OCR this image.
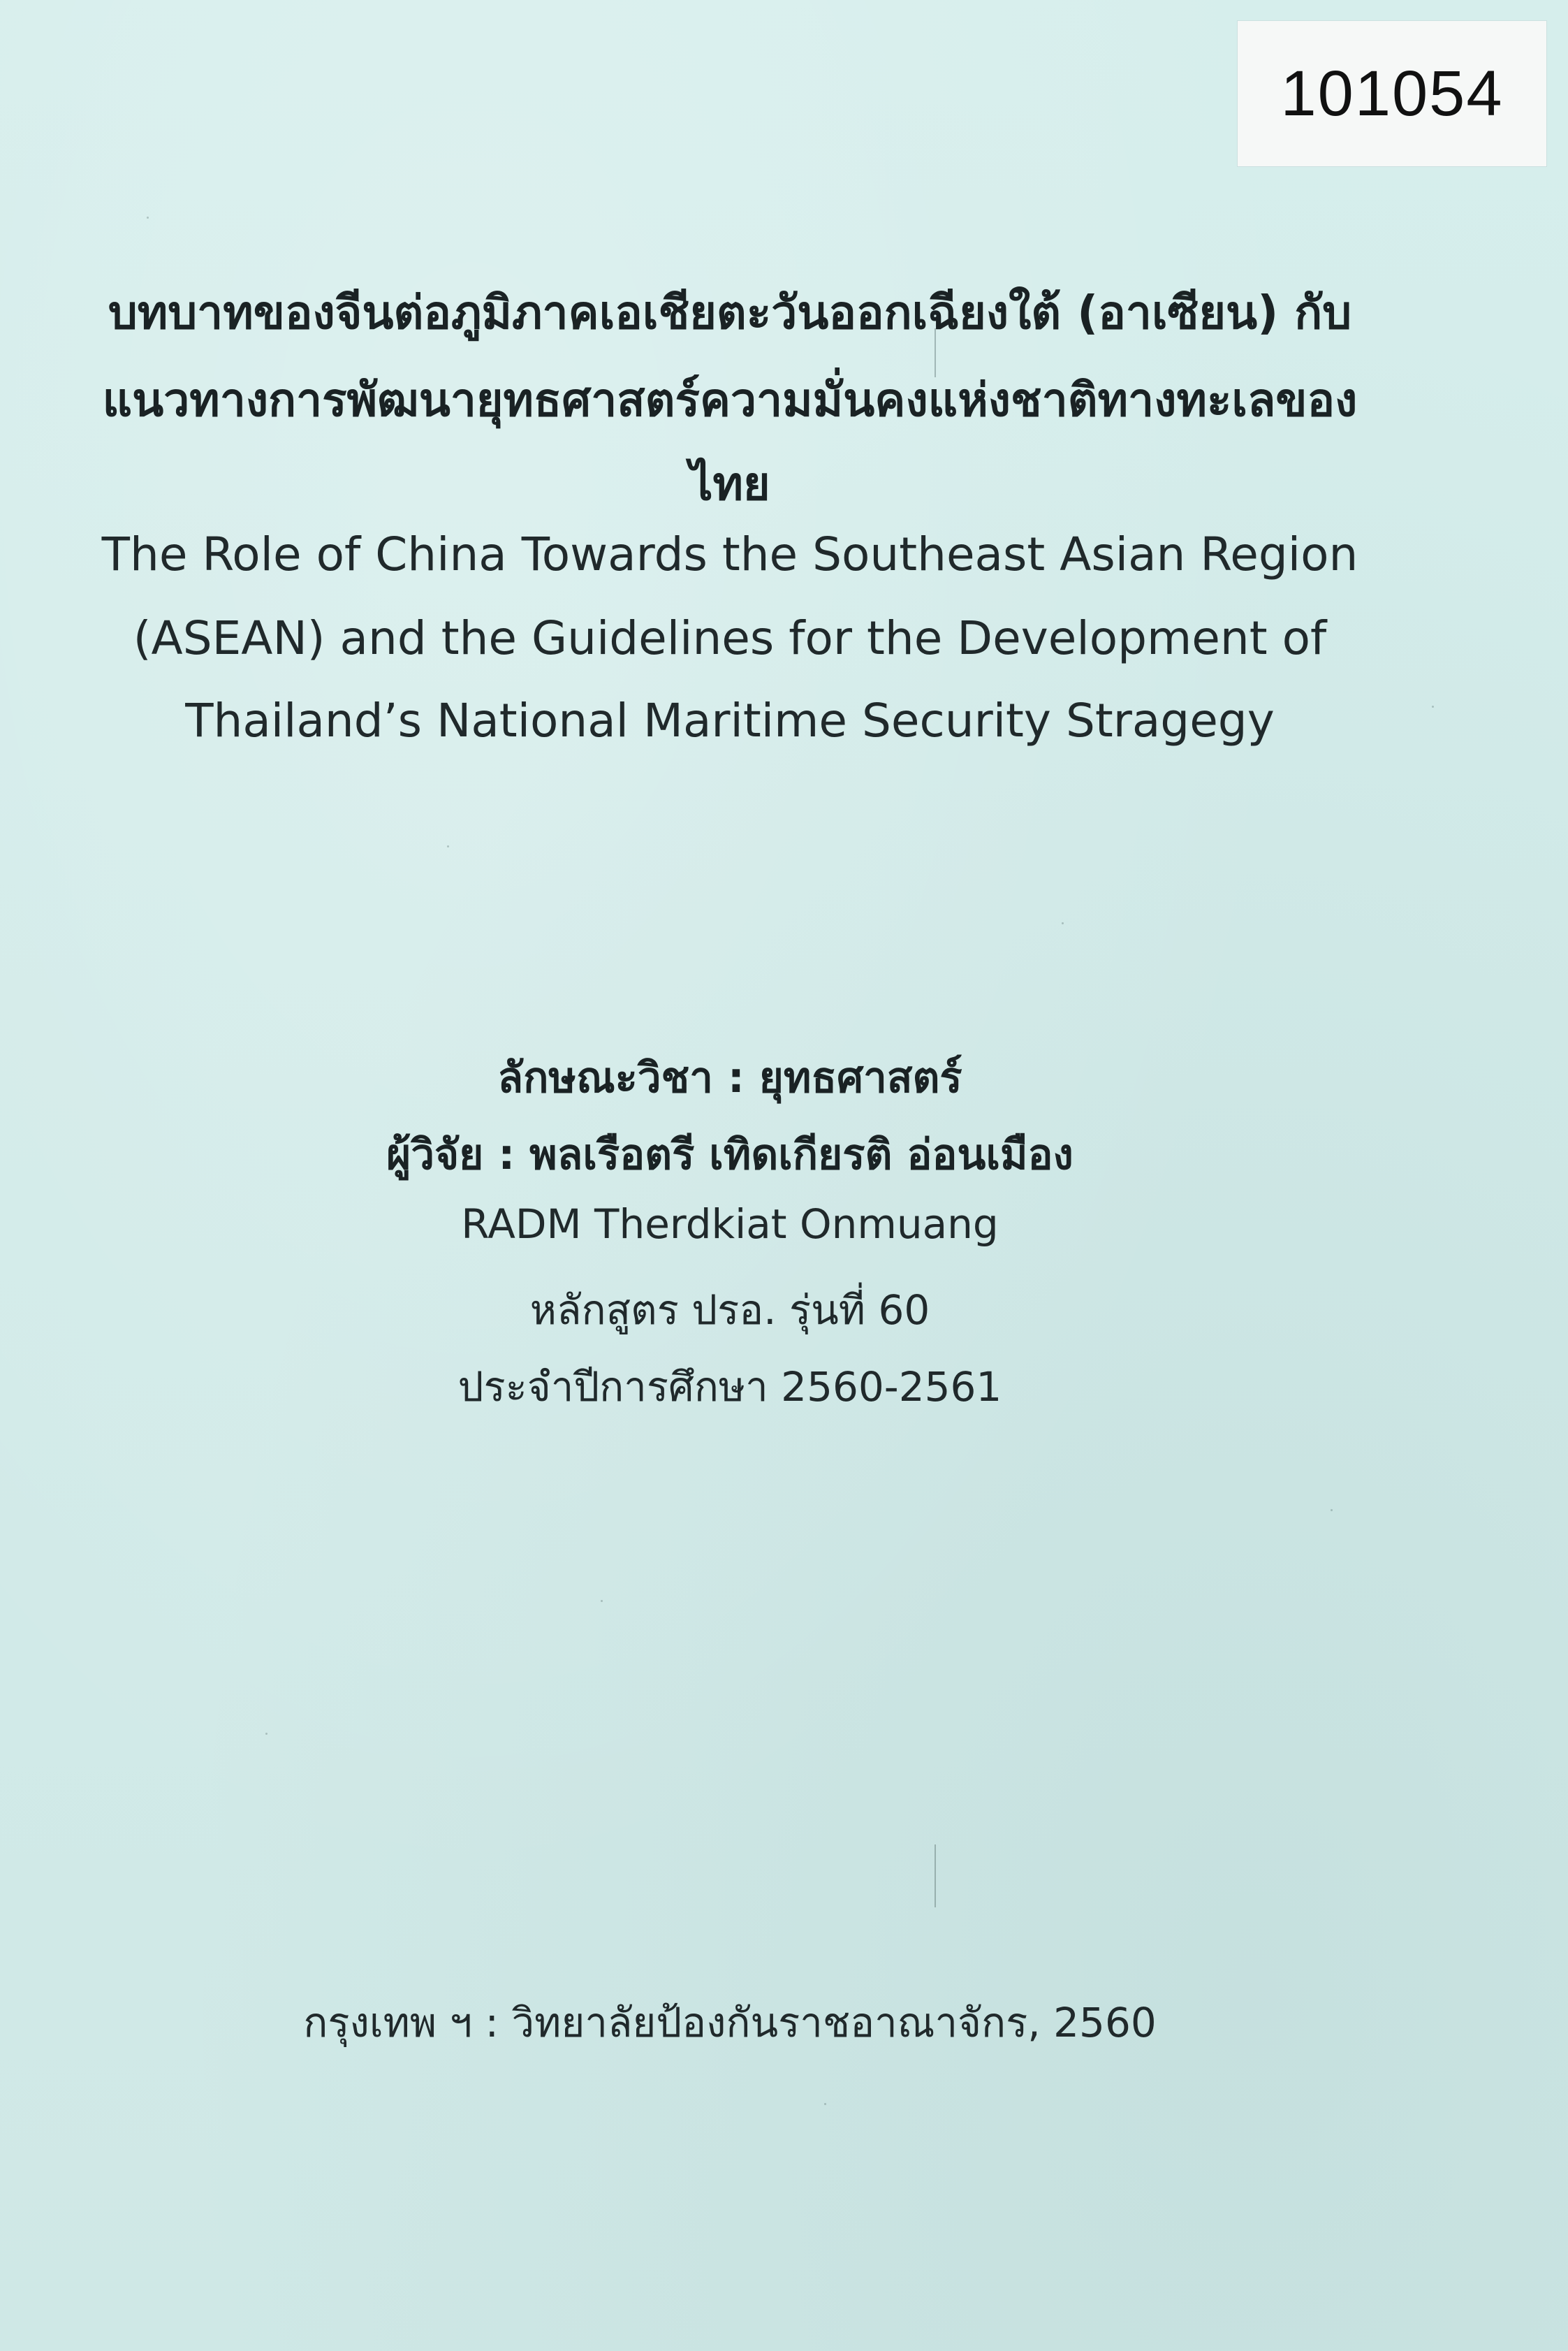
101054
บทบาทของจีนต่อภูมิภาคเอเชียตะวันออกเฉียงใต้ (อาเซียน) กับ
แนวทางการพัฒนายุทธศาสตร์ความมั่นคงแห่งชาติทางทะเลของ
ไทย
The Role of China Towards the Southeast Asian Region
(ASEAN) and the Guidelines for the Development of
Thailand’s National Maritime Security Stragegy
ลักษณะวิชา : ยุทธศาสตร์
ผู้วิจัย : พลเรือตรี เทิดเกียรติ อ่อนเมือง
RADM Therdkiat Onmuang
หลักสูตร ปรอ. รุ่นที่ 60
ประจำปีการศึกษา 2560-2561
กรุงเทพ ฯ : วิทยาลัยป้องกันราชอาณาจักร, 2560
